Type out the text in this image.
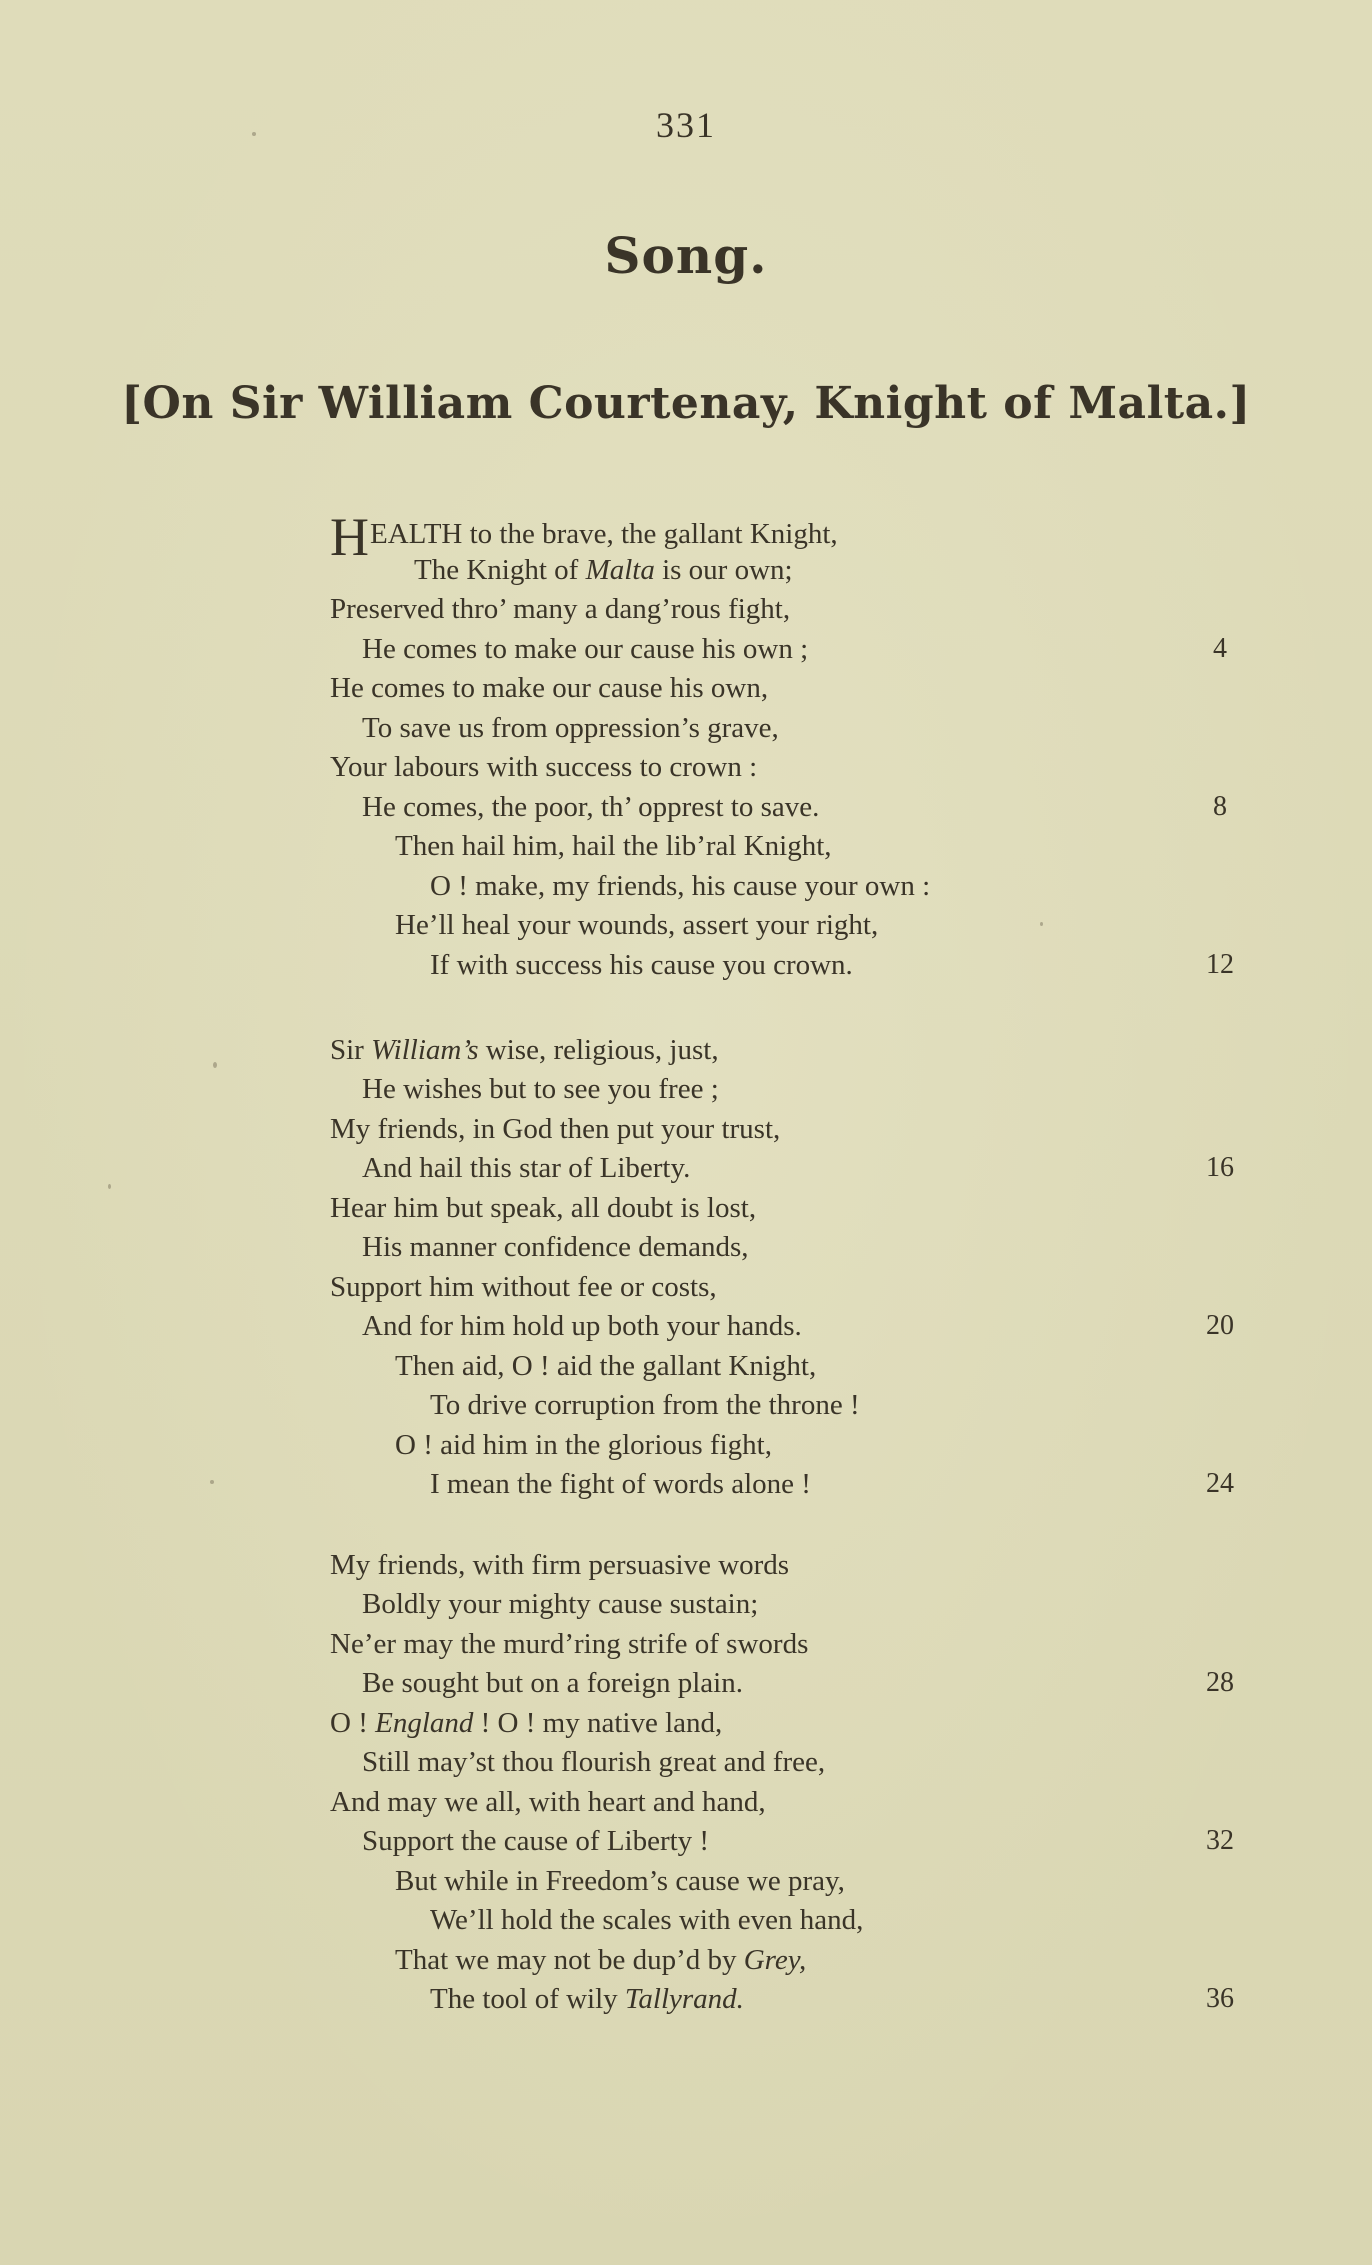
331
Song.
[On Sir William Courtenay, Knight of Malta.]
HEALTH to the brave, the gallant Knight,
The Knight of Malta is our own;
Preserved thro’ many a dang’rous fight,
He comes to make our cause his own ;	4
He comes to make our cause his own,
To save us from oppression’s grave,
Your labours with success to crown :
He comes, the poor, th’ opprest to save.	8
Then hail him, hail the lib’ral Knight,
O ! make, my friends, his cause your own :
He’ll heal your wounds, assert your right,
If with success his cause you crown.	12
Sir William’s wise, religious, just,
He wishes but to see you free ;
My friends, in God then put your trust,
And hail this star of Liberty.	16
Hear him but speak, all doubt is lost,
His manner confidence demands,
Support him without fee or costs,
And for him hold up both your hands.	20
Then aid, O ! aid the gallant Knight,
To drive corruption from the throne !
O ! aid him in the glorious fight,
I mean the fight of words alone !	24
My friends, with firm persuasive words
Boldly your mighty cause sustain;
Ne’er may the murd’ring strife of swords
Be sought but on a foreign plain.	28
O ! England ! O ! my native land,
Still may’st thou flourish great and free,
And may we all, with heart and hand,
Support the cause of Liberty !	32
But while in Freedom’s cause we pray,
We’ll hold the scales with even hand,
That we may not be dup’d by Grey,
The tool of wily Tallyrand.	36
